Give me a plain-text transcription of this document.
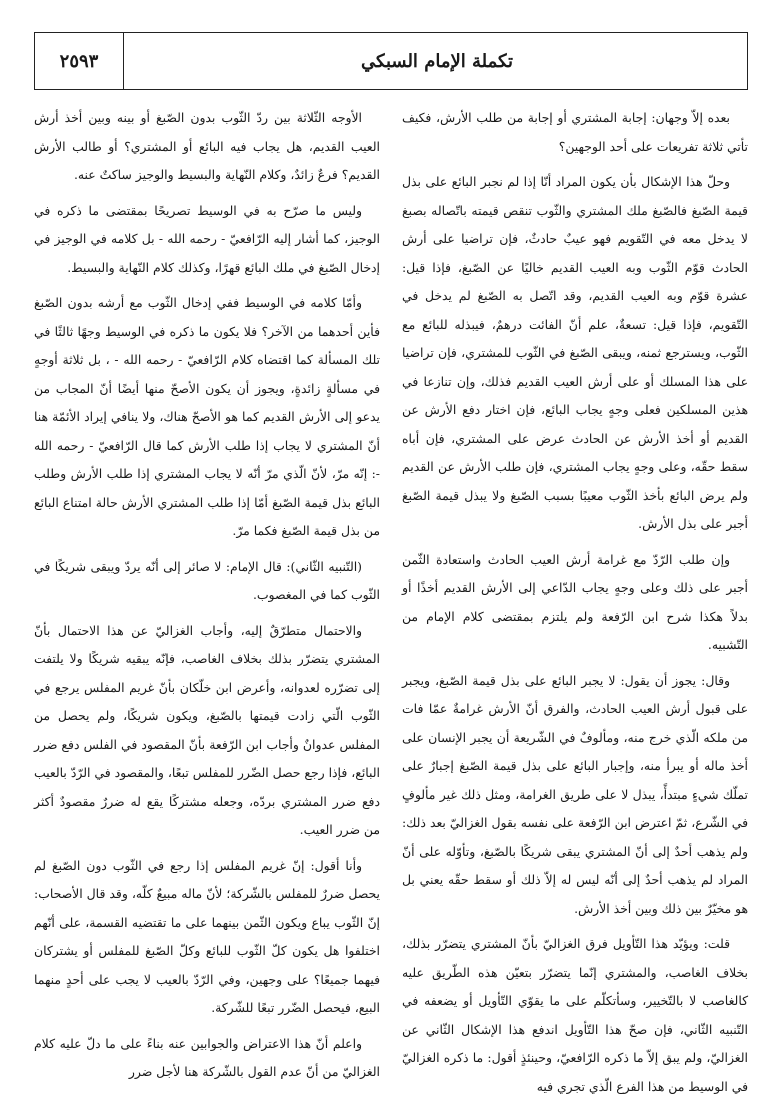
تكملة الإمام السبكي
٢٥٩٣

بعده إلاّ وجهان: إجابة المشتري أو إجابة من طلب الأرش، فكيف تأتي ثلاثة تفريعات على أحد الوجهين؟

وحلّ هذا الإشكال بأن يكون المراد أنّا إذا لم نجبر البائع على بذل قيمة الصّبغ فالصّبغ ملك المشتري والثّوب تنقص قيمته باتّصاله بصبغ لا يدخل معه في التّقويم فهو عيبٌ حادثٌ، فإن تراضيا على أرش الحادث قوّم الثّوب وبه العيب القديم خاليًا عن الصّبغ، فإذا قيل: عشرة قوّم وبه العيب القديم، وقد اتّصل به الصّبغ لم يدخل في التّقويم، فإذا قيل: تسعةٌ، علم أنّ الفائت درهمٌ، فيبذله للبائع مع الثّوب، ويسترجع ثمنه، ويبقى الصّبغ في الثّوب للمشتري، فإن تراضيا على هذا المسلك أو على أرش العيب القديم فذلك، وإن تنازعا في هذين المسلكين فعلى وجهٍ يجاب البائع، فإن اختار دفع الأرش عن القديم أو أخذ الأرش عن الحادث عرض على المشتري، فإن أباه سقط حقّه، وعلى وجهٍ يجاب المشتري، فإن طلب الأرش عن القديم ولم يرض البائع بأخذ الثّوب معيبًا بسبب الصّبغ ولا يبذل قيمة الصّبغ أجبر على بذل الأرش.

وإن طلب الرّدّ مع غرامة أرش العيب الحادث واستعادة الثّمن أجبر على ذلك وعلى وجهٍ يجاب الدّاعي إلى الأرش القديم أخذًا أو بدلاً هكذا شرح ابن الرّفعة ولم يلتزم بمقتضى كلام الإمام من التّشبيه.

وقال: يجوز أن يقول: لا يجبر البائع على بذل قيمة الصّبغ، ويجبر على قبول أرش العيب الحادث، والفرق أنّ الأرش غرامةٌ عمّا فات من ملكه الّذي خرج منه، ومألوفٌ في الشّريعة أن يجبر الإنسان على أخذ ماله أو يبرأ منه، وإجبار البائع على بذل قيمة الصّبغ إجبارٌ على تملّك شيءٍ مبتدأً، يبذل لا على طريق الغرامة، ومثل ذلك غير مألوفٍ في الشّرع، ثمّ اعترض ابن الرّفعة على نفسه بقول الغزاليّ بعد ذلك: ولم يذهب أحدٌ إلى أنّ المشتري يبقى شريكًا بالصّبغ، وتأوّله على أنّ المراد لم يذهب أحدٌ إلى أنّه ليس له إلاّ ذلك أو سقط حقّه يعني بل هو مخيّرٌ بين ذلك وبين أخذ الأرش.

قلت: ويؤيّد هذا التّأويل فرق الغزاليّ بأنّ المشتري يتضرّر بذلك، بخلاف الغاصب، والمشتري إنّما يتضرّر بتعيّن هذه الطّريق عليه كالغاصب لا بالتّخيير، وسأتكلّم على ما يقوّي التّأويل أو يضعفه في التّنبيه الثّاني، فإن صحّ هذا التّأويل اندفع هذا الإشكال الثّاني عن الغزاليّ، ولم يبق إلاّ ما ذكره الرّافعيّ، وحينئذٍ أقول: ما ذكره الغزاليّ في الوسيط من هذا الفرع الّذي تجري فيه

الأوجه الثّلاثة بين ردّ الثّوب بدون الصّبغ أو بينه وبين أخذ أرش العيب القديم، هل يجاب فيه البائع أو المشتري؟ أو طالب الأرش القديم؟ فرعٌ زائدٌ، وكلام النّهاية والبسيط والوجيز ساكتٌ عنه.

وليس ما صرّح به في الوسيط تصريحًا بمقتضى ما ذكره في الوجيز، كما أشار إليه الرّافعيّ - رحمه الله - بل كلامه في الوجيز في إدخال الصّبغ في ملك البائع قهرًا، وكذلك كلام النّهاية والبسيط.

وأمّا كلامه في الوسيط ففي إدخال الثّوب مع أرشه بدون الصّبغ فأين أحدهما من الآخر؟ فلا يكون ما ذكره في الوسيط وجهًا ثالثًا في تلك المسألة كما اقتضاه كلام الرّافعيّ - رحمه الله - ، بل ثلاثة أوجهٍ في مسألةٍ زائدةٍ، ويجوز أن يكون الأصحّ منها أيضًا أنّ المجاب من يدعو إلى الأرش القديم كما هو الأصحّ هناك، ولا ينافي إيراد الأئمّة هنا أنّ المشتري لا يجاب إذا طلب الأرش كما قال الرّافعيّ - رحمه الله -: إنّه مرّ، لأنّ الّذي مرّ أنّه لا يجاب المشتري إذا طلب الأرش وطلب البائع بذل قيمة الصّبغ أمّا إذا طلب المشتري الأرش حالة امتناع البائع من بذل قيمة الصّبغ فكما مرّ.

(التّنبيه الثّاني): قال الإمام: لا صائر إلى أنّه يردّ ويبقى شريكًا في الثّوب كما في المغصوب.

والاحتمال متطرّقٌ إليه، وأجاب الغزاليّ عن هذا الاحتمال بأنّ المشتري يتضرّر بذلك بخلاف الغاصب، فإنّه يبقيه شريكًا ولا يلتفت إلى تضرّره لعدوانه، وأعرض ابن خلّكان بأنّ غريم المفلس يرجع في الثّوب الّتي زادت قيمتها بالصّبغ، ويكون شريكًا، ولم يحصل من المفلس عدوانٌ وأجاب ابن الرّفعة بأنّ المقصود في الفلس دفع ضرر البائع، فإذا رجع حصل الضّرر للمفلس تبعًا، والمقصود في الرّدّ بالعيب دفع ضرر المشتري بردّه، وجعله مشتركًا يقع له ضررٌ مقصودٌ أكثر من ضرر العيب.

وأنا أقول: إنّ غريم المفلس إذا رجع في الثّوب دون الصّبغ لم يحصل ضررٌ للمفلس بالشّركة؛ لأنّ ماله مبيعٌ كلّه، وقد قال الأصحاب: إنّ الثّوب يباع ويكون الثّمن بينهما على ما تقتضيه القسمة، على أنّهم اختلفوا هل يكون كلّ الثّوب للبائع وكلّ الصّبغ للمفلس أو يشتركان فيهما جميعًا؟ على وجهين، وفي الرّدّ بالعيب لا يجب على أحدٍ منهما البيع، فيحصل الضّرر تبعًا للشّركة.

واعلم أنّ هذا الاعتراض والجوابين عنه بناءً على ما دلّ عليه كلام الغزاليّ من أنّ عدم القول بالشّركة هنا لأجل ضرر
